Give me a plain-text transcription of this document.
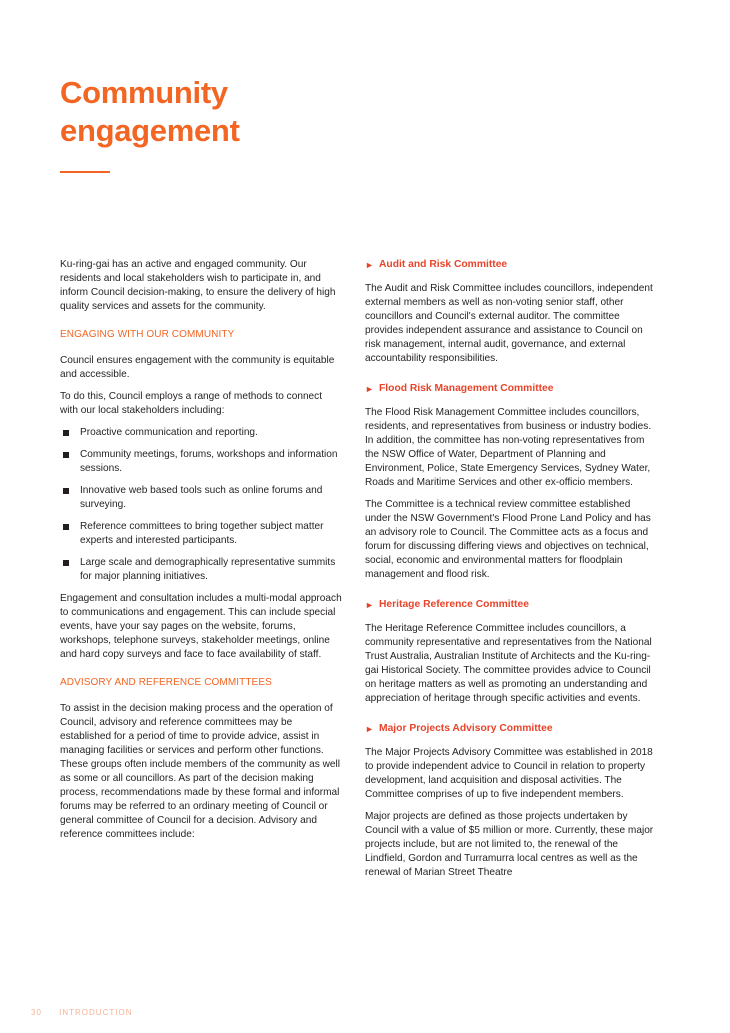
Community
engagement

Ku-ring-gai has an active and engaged community. Our residents and local stakeholders wish to participate in, and inform Council decision-making, to ensure the delivery of high quality services and assets for the community.

ENGAGING WITH OUR COMMUNITY

Council ensures engagement with the community is equitable and accessible.

To do this, Council employs a range of methods to connect with our local stakeholders including:

Proactive communication and reporting.
Community meetings, forums, workshops and information sessions.
Innovative web based tools such as online forums and surveying.
Reference committees to bring together subject matter experts and interested participants.
Large scale and demographically representative summits for major planning initiatives.

Engagement and consultation includes a multi-modal approach to communications and engagement. This can include special events, have your say pages on the website, forums, workshops, telephone surveys, stakeholder meetings, online and hard copy surveys and face to face availability of staff.

ADVISORY AND REFERENCE COMMITTEES

To assist in the decision making process and the operation of Council, advisory and reference committees may be established for a period of time to provide advice, assist in managing facilities or services and perform other functions. These groups often include members of the community as well as some or all councillors. As part of the decision making process, recommendations made by these formal and informal forums may be referred to an ordinary meeting of Council or general committee of Council for a decision. Advisory and reference committees include:

► Audit and Risk Committee

The Audit and Risk Committee includes councillors, independent external members as well as non-voting senior staff, other councillors and Council's external auditor. The committee provides independent assurance and assistance to Council on risk management, internal audit, governance, and external accountability responsibilities.

► Flood Risk Management Committee

The Flood Risk Management Committee includes councillors, residents, and representatives from business or industry bodies. In addition, the committee has non-voting representatives from the NSW Office of Water, Department of Planning and Environment, Police, State Emergency Services, Sydney Water, Roads and Maritime Services and other ex-officio members.

The Committee is a technical review committee established under the NSW Government's Flood Prone Land Policy and has an advisory role to Council. The Committee acts as a focus and forum for discussing differing views and objectives on technical, social, economic and environmental matters for floodplain management and flood risk.

► Heritage Reference Committee

The Heritage Reference Committee includes councillors, a community representative and representatives from the National Trust Australia, Australian Institute of Architects and the Ku-ring-gai Historical Society. The committee provides advice to Council on heritage matters as well as promoting an understanding and appreciation of heritage through specific activities and events.

► Major Projects Advisory Committee

The Major Projects Advisory Committee was established in 2018 to provide independent advice to Council in relation to property development, land acquisition and disposal activities. The Committee comprises of up to five independent members.

Major projects are defined as those projects undertaken by Council with a value of $5 million or more. Currently, these major projects include, but are not limited to, the renewal of the Lindfield, Gordon and Turramurra local centres as well as the renewal of Marian Street Theatre

30 INTRODUCTION
